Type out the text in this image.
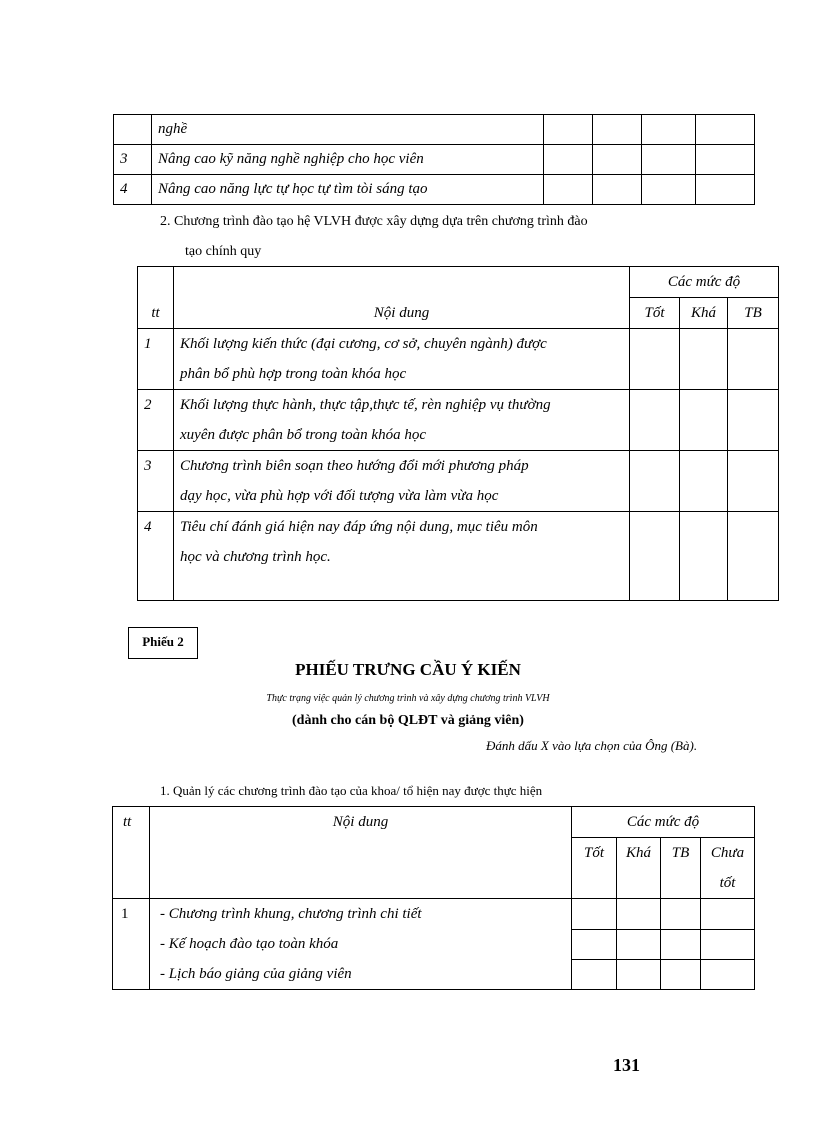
	nghề				
3	Nâng cao kỹ năng nghề nghiệp cho học viên				
4	Nâng cao năng lực tự học tự tìm tòi sáng tạo				
2. Chương trình đào tạo hệ VLVH được xây dựng dựa trên chương trình đào
tạo chính quy
tt	Nội dung	Các mức độ		
		Tốt	Khá	TB
1	Khối lượng kiến thức (đại cương, cơ sở, chuyên ngành) được
phân bổ phù hợp trong toàn khóa học			

2	Khối lượng thực hành, thực tập,thực tế, rèn nghiệp vụ thường
xuyên được phân bổ trong toàn khóa học			

3	Chương trình biên soạn theo hướng đổi mới phương pháp
dạy học, vừa phù hợp với đối tượng vừa làm vừa học			

4	Tiêu chí đánh giá hiện nay đáp ứng nội dung, mục tiêu môn
học và chương trình học.			

Phiếu 2
PHIẾU TRƯNG CẦU Ý KIẾN
Thực trạng việc quản lý chương trình và xây dựng chương trình VLVH
(dành cho cán bộ QLĐT và giảng viên)
Đánh dấu X vào lựa chọn của Ông (Bà).
1. Quản lý các chương trình đào tạo của khoa/ tổ hiện nay được thực hiện
tt	Nội dung	Các mức độ			
		Tốt	Khá	TB	Chưa
tốt

1	- Chương trình khung, chương trình chi tiết				
	- Kế hoạch đào tạo toàn khóa				
	- Lịch báo giảng của giảng viên				
131
